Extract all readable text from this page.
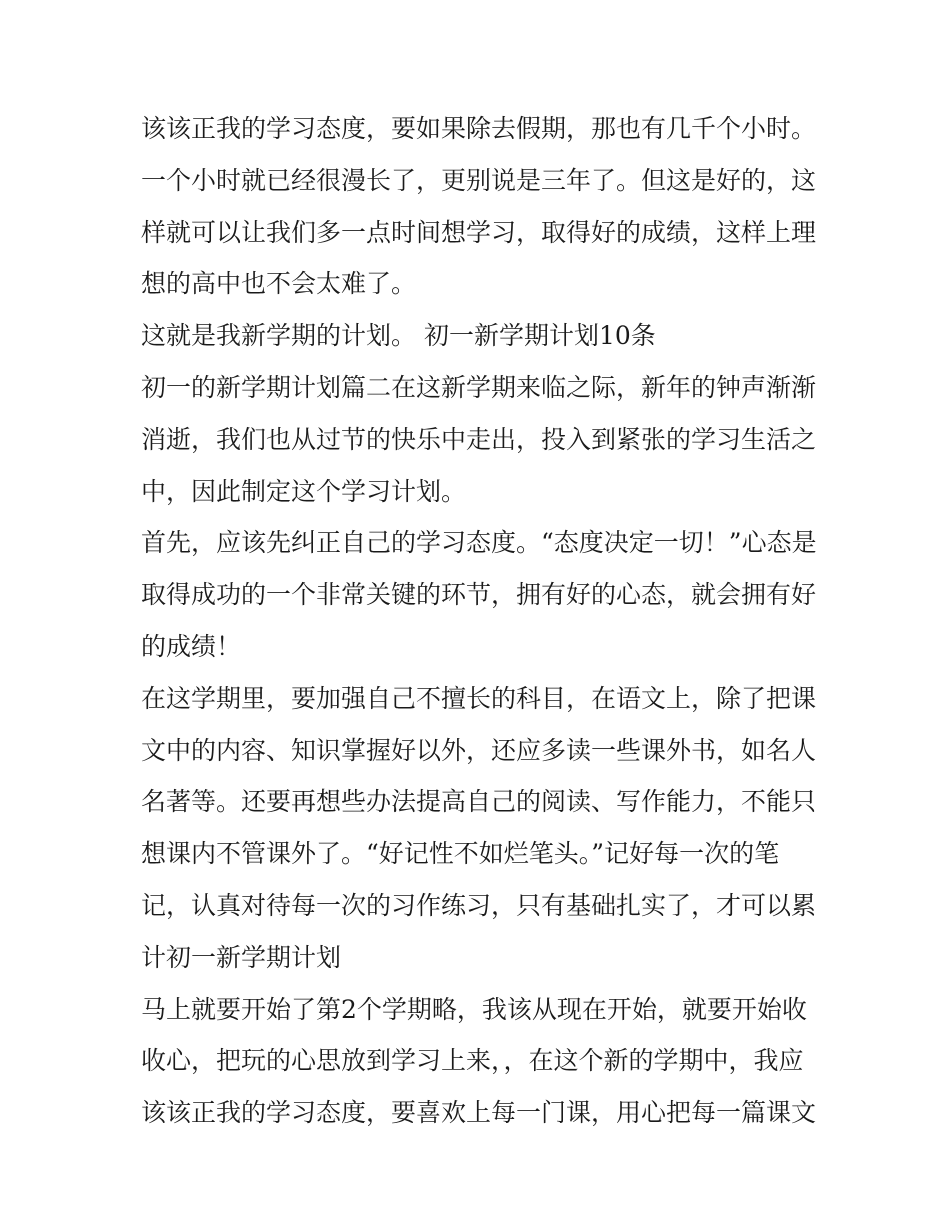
该该正我的学习态度，要如果除去假期，那也有几千个小时。
一个小时就已经很漫长了，更别说是三年了。但这是好的，这
样就可以让我们多一点时间想学习，取得好的成绩，这样上理
想的高中也不会太难了。
这就是我新学期的计划。 初一新学期计划10条
初一的新学期计划篇二在这新学期来临之际，新年的钟声渐渐
消逝，我们也从过节的快乐中走出，投入到紧张的学习生活之
中，因此制定这个学习计划。
首先，应该先纠正自己的学习态度。“态度决定一切！”心态是
取得成功的一个非常关键的环节，拥有好的心态，就会拥有好
的成绩！
在这学期里，要加强自己不擅长的科目，在语文上，除了把课
文中的内容、知识掌握好以外，还应多读一些课外书，如名人
名著等。还要再想些办法提高自己的阅读、写作能力，不能只
想课内不管课外了。“好记性不如烂笔头。”记好每一次的笔
记，认真对待每一次的习作练习，只有基础扎实了，才可以累
计初一新学期计划
马上就要开始了第2个学期略，我该从现在开始，就要开始收
收心，把玩的心思放到学习上来，，在这个新的学期中，我应
该该正我的学习态度，要喜欢上每一门课，用心把每一篇课文
